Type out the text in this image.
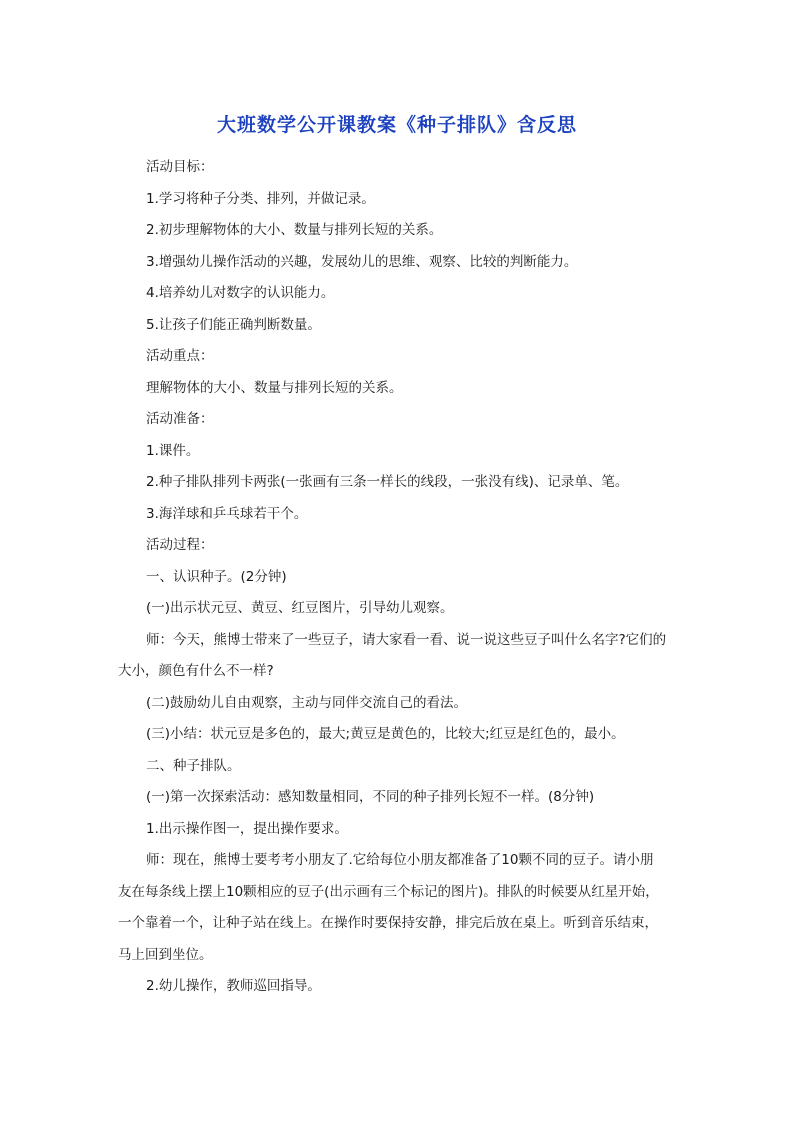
大班数学公开课教案《种子排队》含反思

活动目标：

1.学习将种子分类、排列，并做记录。

2.初步理解物体的大小、数量与排列长短的关系。

3.增强幼儿操作活动的兴趣，发展幼儿的思维、观察、比较的判断能力。

4.培养幼儿对数字的认识能力。

5.让孩子们能正确判断数量。

活动重点：

理解物体的大小、数量与排列长短的关系。

活动准备：

1.课件。

2.种子排队排列卡两张(一张画有三条一样长的线段，一张没有线)、记录单、笔。

3.海洋球和乒乓球若干个。

活动过程：

一、认识种子。(2分钟)

(一)出示状元豆、黄豆、红豆图片，引导幼儿观察。

师：今天，熊博士带来了一些豆子，请大家看一看、说一说这些豆子叫什么名字?它们的

大小，颜色有什么不一样?

(二)鼓励幼儿自由观察，主动与同伴交流自己的看法。

(三)小结：状元豆是多色的，最大;黄豆是黄色的，比较大;红豆是红色的，最小。

二、种子排队。

(一)第一次探索活动：感知数量相同，不同的种子排列长短不一样。(8分钟)

1.出示操作图一，提出操作要求。

师：现在，熊博士要考考小朋友了.它给每位小朋友都准备了10颗不同的豆子。请小朋

友在每条线上摆上10颗相应的豆子(出示画有三个标记的图片)。排队的时候要从红星开始，

一个靠着一个，让种子站在线上。在操作时要保持安静，排完后放在桌上。听到音乐结束，

马上回到坐位。

2.幼儿操作，教师巡回指导。
